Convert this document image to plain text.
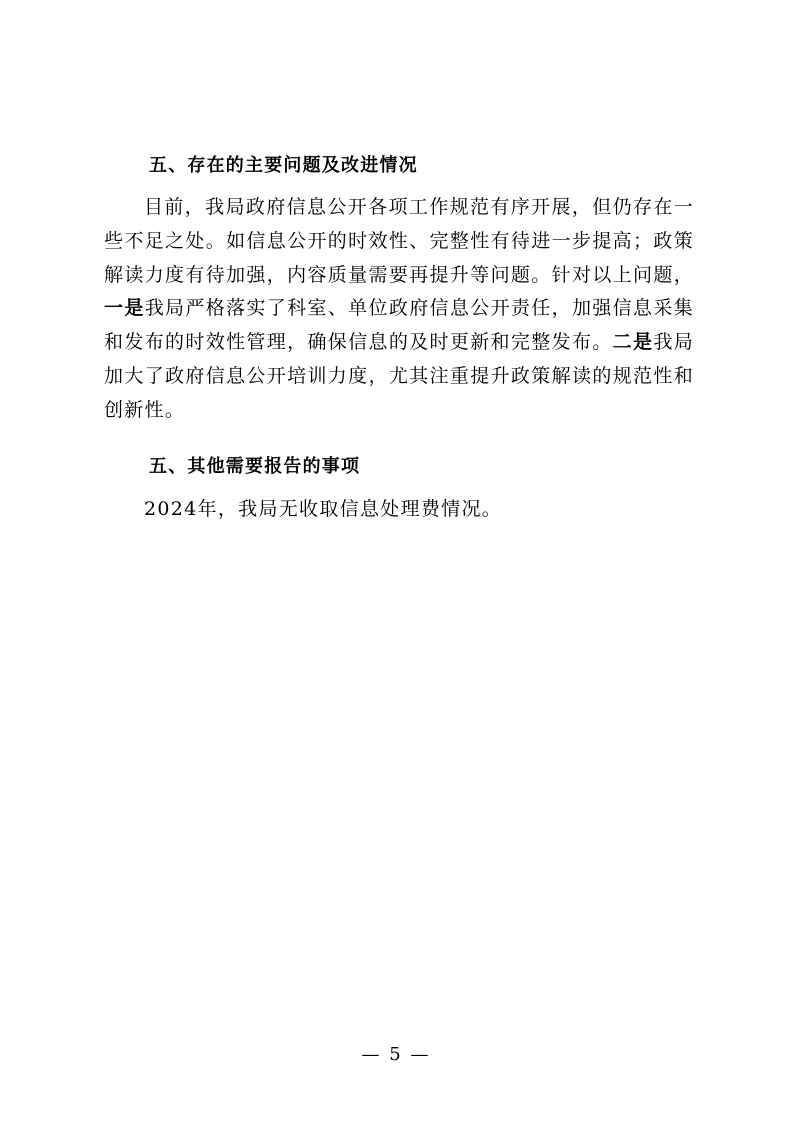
五、存在的主要问题及改进情况

目前，我局政府信息公开各项工作规范有序开展，但仍存在一些不足之处。如信息公开的时效性、完整性有待进一步提高；政策解读力度有待加强，内容质量需要再提升等问题。针对以上问题，一是我局严格落实了科室、单位政府信息公开责任，加强信息采集和发布的时效性管理，确保信息的及时更新和完整发布。二是我局加大了政府信息公开培训力度，尤其注重提升政策解读的规范性和创新性。

五、其他需要报告的事项

2024年，我局无收取信息处理费情况。

— 5 —
